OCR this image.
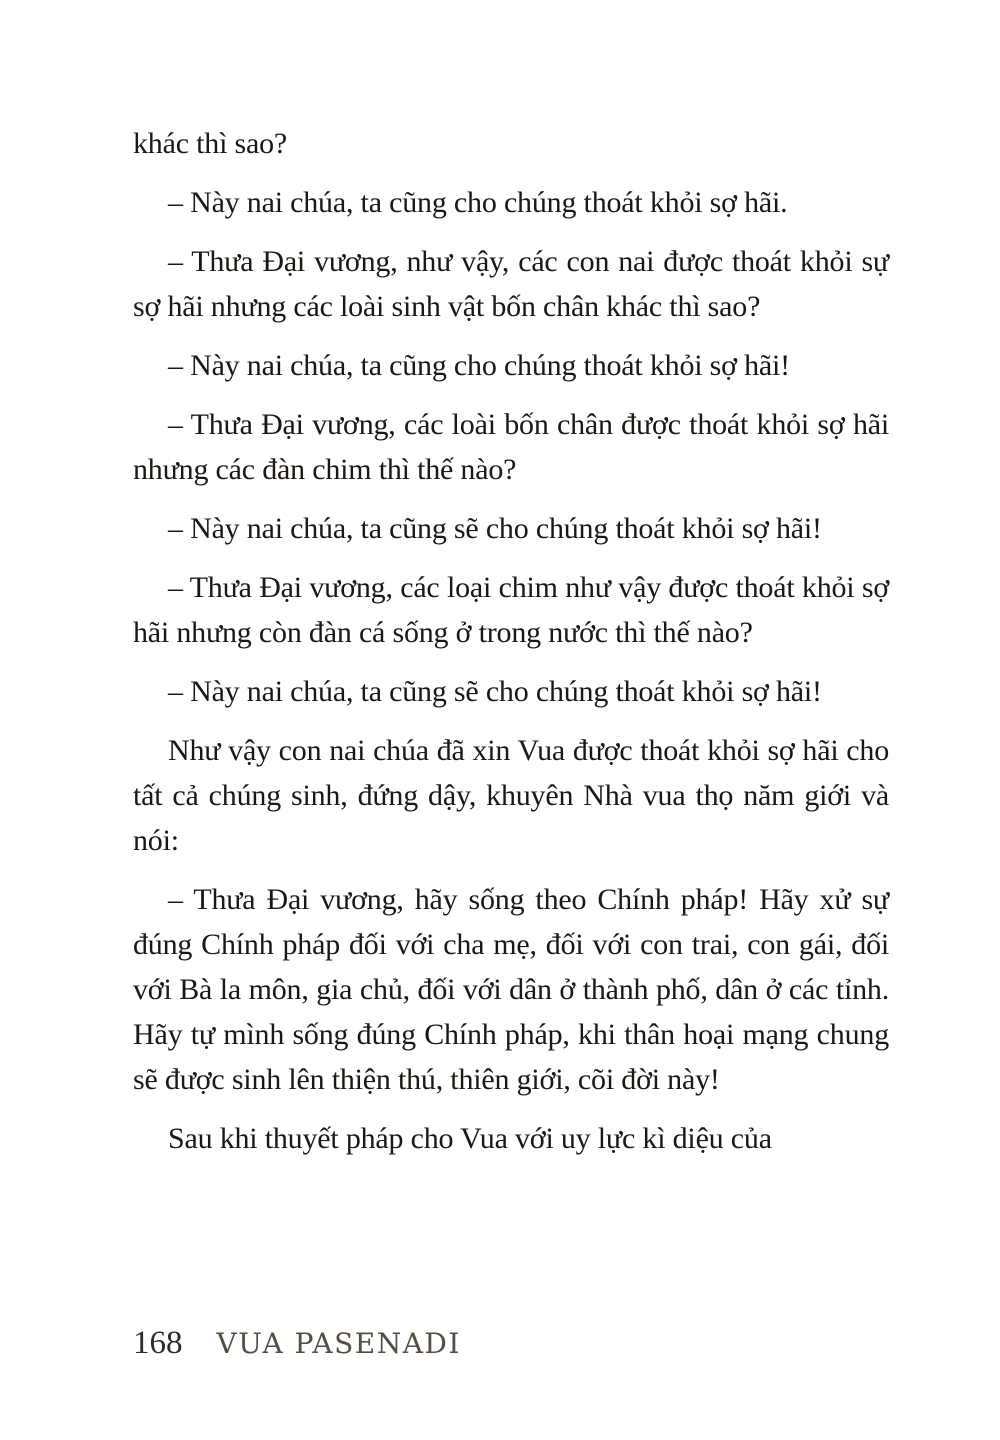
khác thì sao?

– Này nai chúa, ta cũng cho chúng thoát khỏi sợ hãi.

– Thưa Đại vương, như vậy, các con nai được thoát khỏi sự sợ hãi nhưng các loài sinh vật bốn chân khác thì sao?

– Này nai chúa, ta cũng cho chúng thoát khỏi sợ hãi!

– Thưa Đại vương, các loài bốn chân được thoát khỏi sợ hãi nhưng các đàn chim thì thế nào?

– Này nai chúa, ta cũng sẽ cho chúng thoát khỏi sợ hãi!

– Thưa Đại vương, các loại chim như vậy được thoát khỏi sợ hãi nhưng còn đàn cá sống ở trong nước thì thế nào?

– Này nai chúa, ta cũng sẽ cho chúng thoát khỏi sợ hãi!

Như vậy con nai chúa đã xin Vua được thoát khỏi sợ hãi cho tất cả chúng sinh, đứng dậy, khuyên Nhà vua thọ năm giới và nói:

– Thưa Đại vương, hãy sống theo Chính pháp! Hãy xử sự đúng Chính pháp đối với cha mẹ, đối với con trai, con gái, đối với Bà la môn, gia chủ, đối với dân ở thành phố, dân ở các tỉnh. Hãy tự mình sống đúng Chính pháp, khi thân hoại mạng chung sẽ được sinh lên thiện thú, thiên giới, cõi đời này!

Sau khi thuyết pháp cho Vua với uy lực kì diệu của

168 VUA PASENADI
